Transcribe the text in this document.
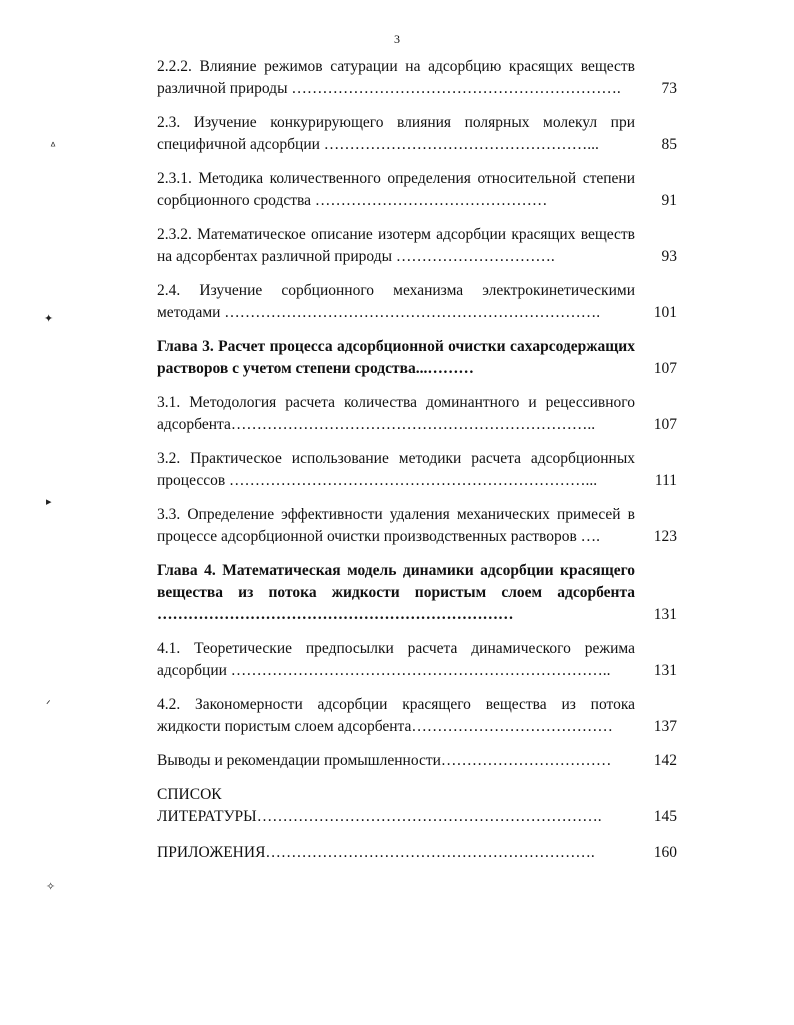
3
ᐞ
✦
▸
ᐟ
✧
2.2.2. Влияние режимов сатурации на адсорбцию красящих веществ различной природы ……………………………………………………….	73
2.3. Изучение конкурирующего влияния полярных молекул при специфичной адсорбции ……………………………………………...	85
2.3.1. Методика количественного определения относительной степени сорбционного сродства ………………………………………	91
2.3.2. Математическое описание изотерм адсорбции красящих веществ на адсорбентах различной природы ………………………….	93
2.4. Изучение сорбционного механизма электрокинетическими методами ……………………………………………………………….	101
Глава 3. Расчет процесса адсорбционной очистки сахарсодержащих растворов с учетом степени сродства...………	107
3.1. Методология расчета количества доминантного и рецессивного адсорбента……………………………………………………………..	107
3.2. Практическое использование методики расчета адсорбционных процессов ……………………………………………………………...	111
3.3. Определение эффективности удаления механических примесей в процессе адсорбционной очистки производственных растворов ….	123
Глава 4. Математическая модель динамики адсорбции красящего вещества из потока жидкости пористым слоем адсорбента ……………………………………………………………	131
4.1. Теоретические предпосылки расчета динамического режима адсорбции ………………………………………………………………..	131
4.2. Закономерности адсорбции красящего вещества из потока жидкости пористым слоем адсорбента…………………………………	137
Выводы и рекомендации промышленности……………………………	142
СПИСОК ЛИТЕРАТУРЫ………………………………………………………….	145
ПРИЛОЖЕНИЯ……………………………………………………….	160
